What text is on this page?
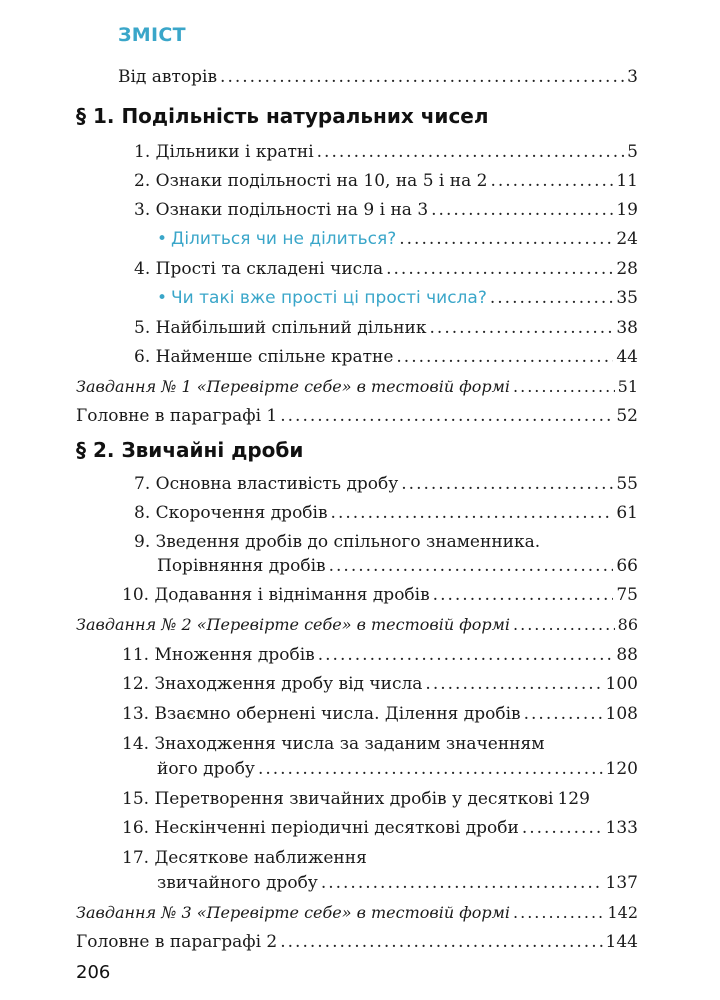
ЗМІСТ
Від авторів .....	3
§ 1. Подільність натуральних чисел
1. Дільники і кратні .....	5
2. Ознаки подільності на 10, на 5 і на 2 .....	11
3. Ознаки подільності на 9 і на 3 .....	19
• Ділиться чи не ділиться? .....	24
4. Прості та складені числа .....	28
• Чи такі вже прості ці прості числа? .....	35
5. Найбільший спільний дільник .....	38
6. Найменше спільне кратне .....	44
Завдання № 1 «Перевірте себе» в тестовій формі .....	51
Головне в параграфі 1 .....	52
§ 2. Звичайні дроби
7. Основна властивість дробу .....	55
8. Скорочення дробів .....	61
9. Зведення дробів до спільного знаменника.
Порівняння дробів .....	66
10. Додавання і віднімання дробів .....	75
Завдання № 2 «Перевірте себе» в тестовій формі .....	86
11. Множення дробів .....	88
12. Знаходження дробу від числа .....	100
13. Взаємно обернені числа. Ділення дробів .....	108
14. Знаходження числа за заданим значенням
його дробу .....	120
15. Перетворення звичайних дробів у десяткові 129
16. Нескінченні періодичні десяткові дроби .....	133
17. Десяткове наближення
звичайного дробу .....	137
Завдання № 3 «Перевірте себе» в тестовій формі .....	142
Головне в параграфі 2 .....	144
206
